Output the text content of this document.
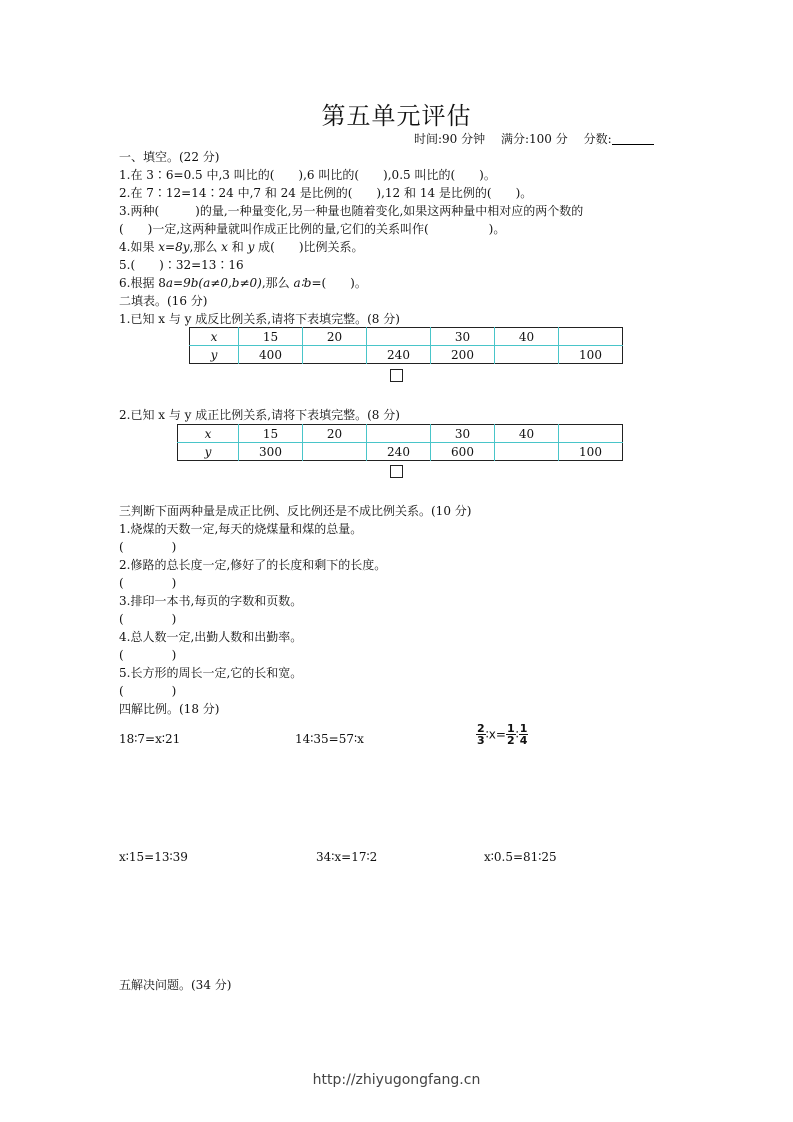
第五单元评估
时间:90 分钟 满分:100 分 分数:
一、填空。(22 分)
1.在 3∶6=0.5 中,3 叫比的(　　),6 叫比的(　　),0.5 叫比的(　　)。
2.在 7∶12=14∶24 中,7 和 24 是比例的(　　),12 和 14 是比例的(　　)。
3.两种(　　　)的量,一种量变化,另一种量也随着变化,如果这两种量中相对应的两个数的
(　　)一定,这两种量就叫作成正比例的量,它们的关系叫作(　　　　　)。
4.如果 x=8y,那么 x 和 y 成(　　)比例关系。
5.(　　)∶32=13∶16
6.根据 8a=9b(a≠0,b≠0),那么 a∶b=(　　)。
二填表。(16 分)
1.已知 x 与 y 成反比例关系,请将下表填完整。(8 分)
x	15	20		30	40	
y	400		240	200		100
2.已知 x 与 y 成正比例关系,请将下表填完整。(8 分)
x	15	20		30	40	
y	300		240	600		100
三判断下面两种量是成正比例、反比例还是不成比例关系。(10 分)
1.烧煤的天数一定,每天的烧煤量和煤的总量。
(　　　　)
2.修路的总长度一定,修好了的长度和剩下的长度。
(　　　　)
3.排印一本书,每页的字数和页数。
(　　　　)
4.总人数一定,出勤人数和出勤率。
(　　　　)
5.长方形的周长一定,它的长和宽。
(　　　　)
四解比例。(18 分)
18∶7=x∶21	14∶35=57∶x	$\frac{2}{3}$ ∶x= $\frac{1}{2}$ ∶ $\frac{1}{4}$
x∶15=13∶39	34∶x=17∶2	x∶0.5=81∶25
五解决问题。(34 分)
http://zhiyugongfang.cn
